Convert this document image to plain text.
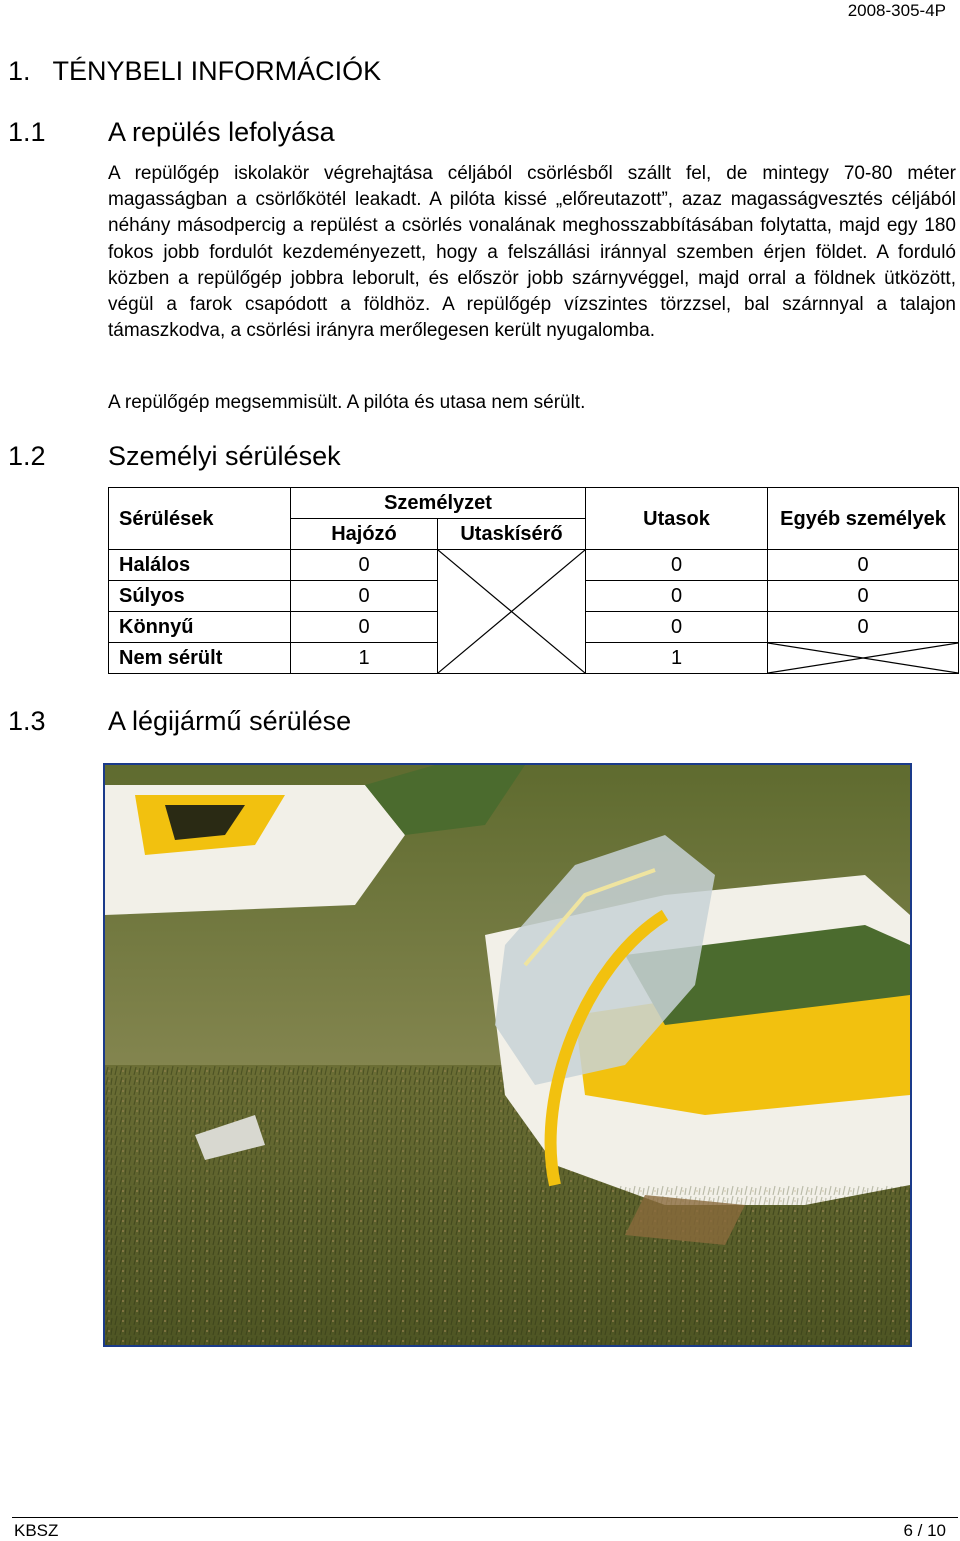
2008-305-4P
1.   TÉNYBELI INFORMÁCIÓK
1.1 A repülés lefolyása

A repülőgép iskolakör végrehajtása céljából csörlésből szállt fel, de mintegy 70-80 méter magasságban a csörlőkötél leakadt. A pilóta kissé „előreutazott”, azaz magasságvesztés céljából néhány másodpercig a repülést a csörlés vonalának meghosszabbításában folytatta, majd egy 180 fokos jobb fordulót kezdeményezett, hogy a felszállási iránnyal szemben érjen földet. A forduló közben a repülőgép jobbra leborult, és először jobb szárnyvéggel, majd orral a földnek ütközött, végül a farok csapódott a földhöz. A repülőgép vízszintes törzzsel, bal szárnnyal a talajon támaszkodva, a csörlési irányra merőlegesen került nyugalomba.

A repülőgép megsemmisült. A pilóta és utasa nem sérült.

1.2 Személyi sérülések
Sérülések	Személyzet		Utasok	Egyéb személyek
	Hajózó	Utaskísérő		
Halálos	0		0	0
Súlyos	0		0	0
Könnyű	0		0	0
Nem sérült	1		1	
1.3 A légijármű sérülése
KBSZ	6 / 10
